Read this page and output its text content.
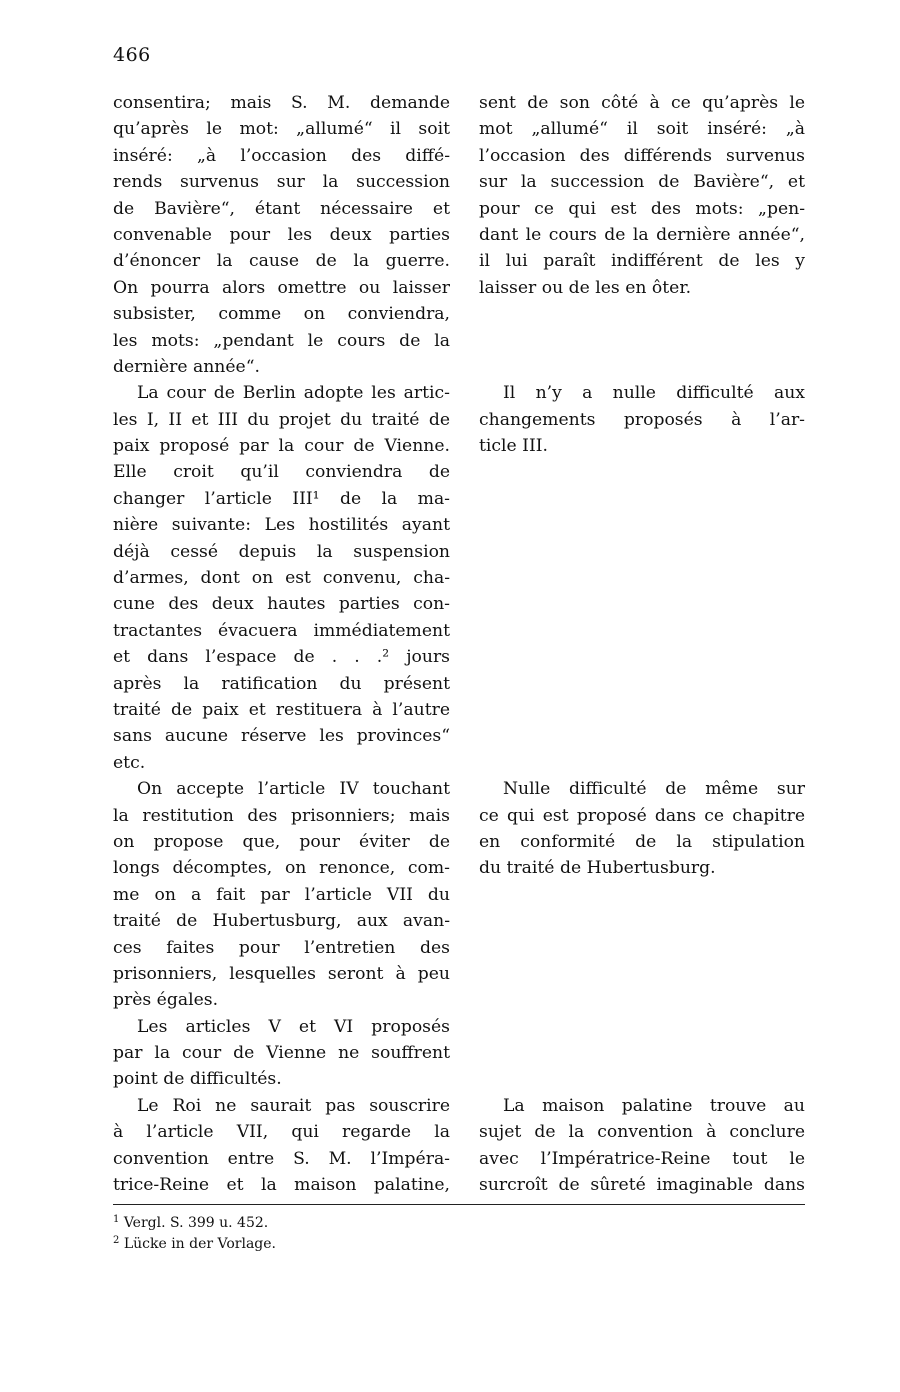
466
consentira; mais S. M. demande
qu’après le mot: „allumé“ il soit
inséré: „à l’occasion des diffé-
rends survenus sur la succession
de Bavière“, étant nécessaire et
convenable pour les deux parties
d’énoncer la cause de la guerre.
On pourra alors omettre ou laisser
subsister, comme on conviendra,
les mots: „pendant le cours de la
dernière année“.
La cour de Berlin adopte les artic-
les I, II et III du projet du traité de
paix proposé par la cour de Vienne.
Elle croit qu’il conviendra de
changer l’article III¹ de la ma-
nière suivante: Les hostilités ayant
déjà cessé depuis la suspension
d’armes, dont on est convenu, cha-
cune des deux hautes parties con-
tractantes évacuera immédiatement
et dans l’espace de . . .² jours
après la ratification du présent
traité de paix et restituera à l’autre
sans aucune réserve les provinces“
etc.
On accepte l’article IV touchant
la restitution des prisonniers; mais
on propose que, pour éviter de
longs décomptes, on renonce, com-
me on a fait par l’article VII du
traité de Hubertusburg, aux avan-
ces faites pour l’entretien des
prisonniers, lesquelles seront à peu
près égales.
Les articles V et VI proposés
par la cour de Vienne ne souffrent
point de difficultés.
Le Roi ne saurait pas souscrire
à l’article VII, qui regarde la
convention entre S. M. l’Impéra-
trice-Reine et la maison palatine,
sent de son côté à ce qu’après le
mot „allumé“ il soit inséré: „à
l’occasion des différends survenus
sur la succession de Bavière“, et
pour ce qui est des mots: „pen-
dant le cours de la dernière année“,
il lui paraît indifférent de les y
laisser ou de les en ôter.
Il n’y a nulle difficulté aux
changements proposés à l’ar-
ticle III.
Nulle difficulté de même sur
ce qui est proposé dans ce chapitre
en conformité de la stipulation
du traité de Hubertusburg.
La maison palatine trouve au
sujet de la convention à conclure
avec l’Impératrice-Reine tout le
surcroît de sûreté imaginable dans
$^1$ Vergl. S. 399 u. 452.
$^2$ Lücke in der Vorlage.
